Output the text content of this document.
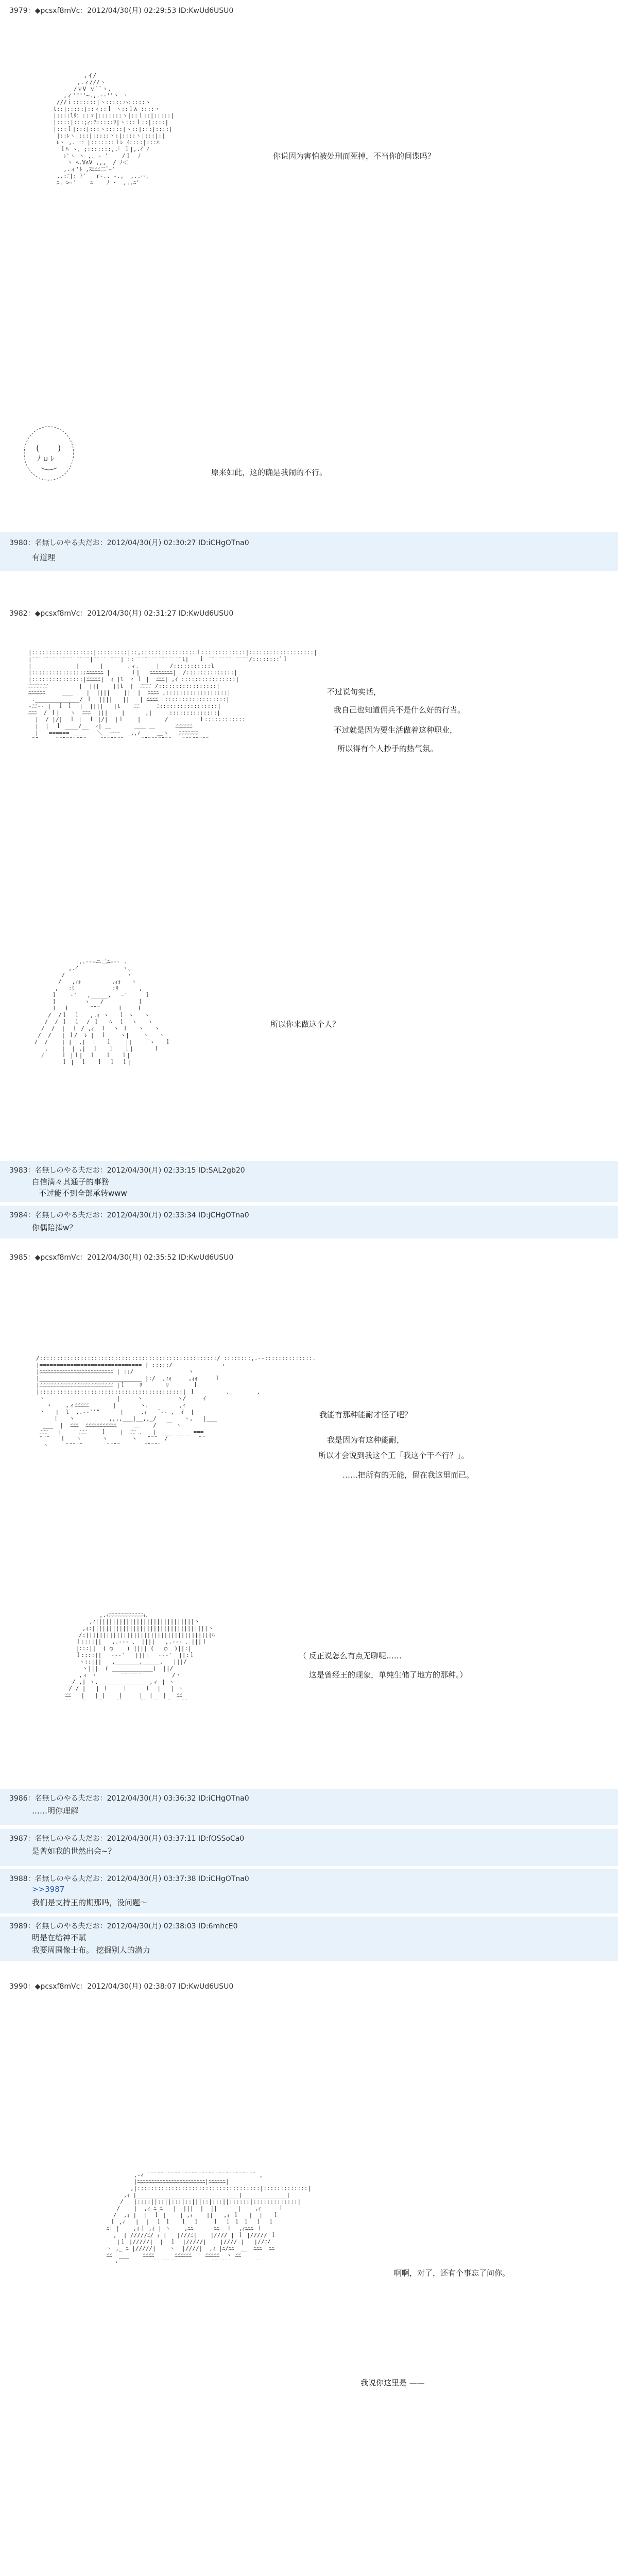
3979：◆pcsxf8mVc：2012/04/30(月) 02:29:53 ID:KwUd6USU0
,イ/
,.ィ///ヽ
_/ｖV ｖ`¨ヽ.
,ィ'"''~.,.--''ヽ ヽ
///ｉ:::::::|ヽ:::::ハ:::::ヽ
l::|:::::|::ィ::ｌ ヽ::ｌ∧ ::::ヽ
|::::lﾘ：::ヾ|:::::::ヽ|::ｌ::|:::::|
|::::|:::;ｨ:ﾃ:::::ｦ|ヽ:::ｌ::|::::|
|:::ｌ|:::|:::ヽ:::::|ヽ::|:::|::::|
|::ﾚヽ|:::|:::::ヽ:|::::ヽ|:::|:|
ﾚヽ ,.|：：|:::::::ｌﾚ ｲ::::|:::ﾊ
ｌﾊ ヽ､ ;:::::::,.｢ ｌ|,.ｲ ﾉ
ﾚ'ヽ ヽ ,. - ''   /ｌ  ﾉ
ヽ ﾍ.V∧V ,,,  / ﾉ＜
,.ィ'ﾄ ,ｽﾆﾆﾆ二ﾞｰ'
,.:ﾆ|: ﾄ'   r-.. -.,  ,..ｰｰ､
ﾆ. >-'    ﾕ    ﾉ ·  ,..ﾆ'
你说因为害怕被处刑而死掉，不当你的间谍吗？
( )
ﾉ ∪ ﾚ
原来如此，这的确是我闹的不行。
3980：名無しのやる夫だお：2012/04/30(月) 02:30:27 ID:iCHgOTna0
有道理
3982：◆pcsxf8mVc：2012/04/30(月) 02:31:27 ID:KwUd6USU0
|::::::::::::::::::|:::::::::|::,::::::::::::::::ｌ:::::::::::::|:::::::::::::::::::|
|¨¨¨¨¨¨¨¨¨¨¨¨¨¨¨¨¨|¨¨¨¨¨¨¨¨|¨::¨¨¨¨¨¨¨¨¨¨¨¨¨¨l|   ｌ ¨¨¨¨¨¨¨¨¨¨¨¨/::::::::ﾟｌ
|_____________|      |       .ィ､_____|   /:::::::::::l
|::::::::::::::::ﾆﾆﾆﾆﾆﾆ |      ｌ|   ﾆﾆﾆﾆﾆﾆﾆﾆ|  /::::::::::::::|
|:::::::::::::::|ﾆﾆﾆﾆﾆ|  ｨ |l  ｨ ｌ |  ﾆﾆﾆ| ,ｲ ::::::::::::::::|
ﾆﾆﾆﾆﾆﾆﾆ         |  |||    ||l  |  ﾆﾆﾆﾆ /:::::::::::::::::|
ﾆﾆﾆﾆﾆﾆ     ___    |  ||||    ||  |  ﾆﾆﾆﾆ ,::::::::::::::::::|
._____________/ ｌ  ||||   ||   | ﾆﾆﾆﾆ |::::::::::::::::::|
-ﾆﾆ-- |  ｌ ｌ  |  ||||   |l    ﾆﾆ     ﾆ:::::::::::::::::|
ﾆﾆﾆ  / ｌ|   ヽ  ﾆﾆﾆ  |||    |      ,|     ::::::::::::::|
|  / |/|  ｌ |  ｌ |/|  |ｌ    |       /         ｌ::::::::::::
|  |  ｌ ____/__  ｨ| ＿       ＿＿ ＿      ﾆﾆﾆﾆﾆﾆ
|   ====== ____   ＼__ーー  _,,ｨ     ＿ヽ   ﾆﾆﾆﾆﾆﾆﾆ
¨¨     ¨¨¨¨¨¨¨¨¨    ¨¨¨¨¨¨¨     ¨¨¨¨¨¨¨¨¨   ¨¨¨¨¨¨¨¨
不过说句实话，
我自己也知道佣兵不是什么好的行当。
不过就是因为要生活做着这种职业，
所以得有个人抄手的热气氛。
,.-‐=ニ二ﾆ=‐- .
,.ｲ             ヽ､
/                  ヽ
/   ,ｨｫ         ,ｨｫ   ヽ
,   :ﾘ           :ﾘ      ,
ｌ    ｰ'   ,_____,   ｰ'     ｌ
ｌ        ヽ   /          ｌ
ｌ  ｌ      ¨¨¨     ｌ    ｌ
/  /ｌ  ｌ   ,.ｨ ヽ   ｌ ヽ   ヽ
/  / ｌ  ｌ  / ｌ   ﾍ  ｌ  ヽ   ヽ
/  /  |  ｌ / ,ｨ  ｌ  ヽ ｌ   ヽ   ヽ
/  /   | ｌ/  ﾚ |  ｌ    ヽ|    ヽ   ヽ
/  /    | |  ,|  |   ｌ    ||     ヽ   ｌ
,    |  | ,|  ｌ   ｌ   ｌ|      ｌ
ﾉ     ｌ |ｌ|  ｌ   ｌ   ｌ|
ｌ |  ｌ   ｌ  ｌ  ｌ|
所以你来做这个人？
3983：名無しのやる夫だお：2012/04/30(月) 02:33:15 ID:SAL2gb20
自信満々其通子的事務
不过能不到全部承转www
3984：名無しのやる夫だお：2012/04/30(月) 02:33:34 ID:jCHgOTna0
你偶陪捧w？
3985：◆pcsxf8mVc：2012/04/30(月) 02:35:52 ID:KwUd6USU0
/::::::::::::::::::::::::::::::::::::::::::::::::::::/ ::::::::,.-‐::::::::::::::.
|============================== | :::::/              ヽ
|ﾆﾆﾆﾆﾆﾆﾆﾆﾆﾆﾆﾆﾆﾆﾆﾆﾆﾆﾆﾆﾆﾆﾆﾆﾆﾆ | ::/                ヽ
|______________________________ |:/  ,ｨｫ     ,ｨｫ     ｌ
|ﾆﾆﾆﾆﾆﾆﾆﾆﾆﾆﾆﾆﾆﾆﾆﾆﾆﾆﾆﾆﾆﾆﾆﾆﾆﾆ |ｌ    ﾘ       ﾘ       ｌ
|::::::::::::::::::::::::::::::::::::::::::| ｌ         ._       ,
ヽ                     |     ヽ          ヽ/     ｲ
ヽ    ,ィﾆﾆﾆﾆﾆ       |       ヽ､         ,ｨ
ヽ   |  l  ,.-‐''"      |     ,ｨ   ¨‐- ,  ｲ  |
ｌ   ヽ          ,,,,___|__,,_/        ヽ,   |___
___  |  ﾆﾆﾆ  ﾆﾆﾆﾆﾆﾆﾆﾆﾆﾆﾆ     ＿    /   ￣ ヽ
ﾆﾆﾆ   |     ﾆﾆﾆ    ｌ    |  ﾆﾆ ､   |  ___ __ _ ===
¨¨¨   ｌ   ヽ      ヽ       ヽ   ¨¨¨  /         ¨¨
ヽ     ¨¨¨¨¨       ¨¨¨¨       ¨¨¨¨¨
我能有那种能耐才怪了吧？
我是因为有这种能耐，
所以才会说到我这个工「我这个干不行？」。
……把所有的无能，留在我这里而已。
,.ｨﾆﾆﾆﾆﾆﾆﾆﾆﾆﾆﾆﾆｨ､
,ｨ|||||||||||||||||||||||||||||ヽ
,ｨ:||||||||||||||||||||||||||||||||||ヽ
/:|||||||||||||||||||||||||||||||||||||ﾊ
ｌ:::|||   ,.-‐- 、 ||||   ,.-‐- 、|||ｌ
|:::||  ( ○    ) |||| (   ○  )||:|
ｌ::::||   ｰ-‐'   ||||   ｰ-‐'  ||:ｌ
ヽ::|||   ,_______,_____,   |||/
ヽ|||  ( ____________)  ||/
,ィ ヽ       ¨¨¨¨¨¨         /ヽ
/ ,| ヽ,_______________,ィ | ヽ
/ / |   | ｌ    ｌ     ｌ  |   | ヽ
ﾆﾆ   |   | |    |     |  |   |   ﾆﾆ
¨¨   ¨   ¨¨    ¨¨     ¨¨  ¨   ¨   ¨¨
（ 反正说怎么有点无聊呢……
这是曾经王的现象，单纯生储了地方的那种。）
3986：名無しのやる夫だお：2012/04/30(月) 03:36:32 ID:iCHgOTna0
……明你理解
3987：名無しのやる夫だお：2012/04/30(月) 03:37:11 ID:fOSSoCa0
是曾如我的世然出会~？
3988：名無しのやる夫だお：2012/04/30(月) 03:37:38 ID:iCHgOTna0
>>3987
我们是支持王的期那吗，没问题～
3989：名無しのやる夫だお：2012/04/30(月) 02:38:03 ID:6mhcE0
明是在给神不赋
我要周围像士布。 挖掘别人的潜力
3990：◆pcsxf8mVc：2012/04/30(月) 02:38:07 ID:KwUd6USU0
,-ｨ ¨¨¨¨¨¨¨¨¨¨¨¨¨¨¨¨¨¨¨¨¨¨¨¨¨¨¨¨¨¨¨¨ ,
|ﾆﾆﾆﾆﾆﾆﾆﾆﾆﾆﾆﾆﾆﾆﾆﾆﾆﾆﾆﾆﾆﾆﾆﾆ|ﾆﾆﾆﾆﾆﾆ|
,|::::::::::::::::::::::::::::::::::::|:::::::::::::|
,ｨ |______________________________|_____________|
/   |::::||::||:::|::|||::|:::||::::::|:::::::::::::|
/    |  ,ｨ ﾆ ﾆ   |  |||  |  ||      |    ,ｨ     ｌ
/  ,ｨ |  |  ｌ |    | ,ｨ    ||   ,ｨ ｌ   |  |   ｌ
ｌ ,ｨ   |  |  ｌ ｌ   ｌ  ｌ    ｌ  ｌ ｌ ｌ  ｌ  ｌ
ﾆ| |    ,ｨ｜ ,ｨ | ヽ    ,ﾆﾆ      ﾆﾆ  ｌ  ,ｨﾆﾆﾆ ｌ
,  | /////ﾆ/ ｨ |   |///ﾆ|    |//// | ｌ |///// ｌ
___|ｌ |/////|  |  ｌ  |/////|    |//// |   |//ﾆ/
ヽ ,_ ﾆ |/////|    ヽ  |////|  ,ｨ |ﾆ/ﾆﾆ  ＿  ﾆﾆﾆ  ﾆﾆ
ﾆﾆ  ___    ﾆﾆﾆﾆ      ﾆﾆﾆﾆﾆﾆ    ﾆﾆﾆﾆﾆ  ヽ ﾆﾆ
ヽ          ¨¨¨¨¨¨¨          ¨¨¨¨¨¨       ¨¨
啊啊，对了，还有个事忘了问你。
我说你这里是 ——
